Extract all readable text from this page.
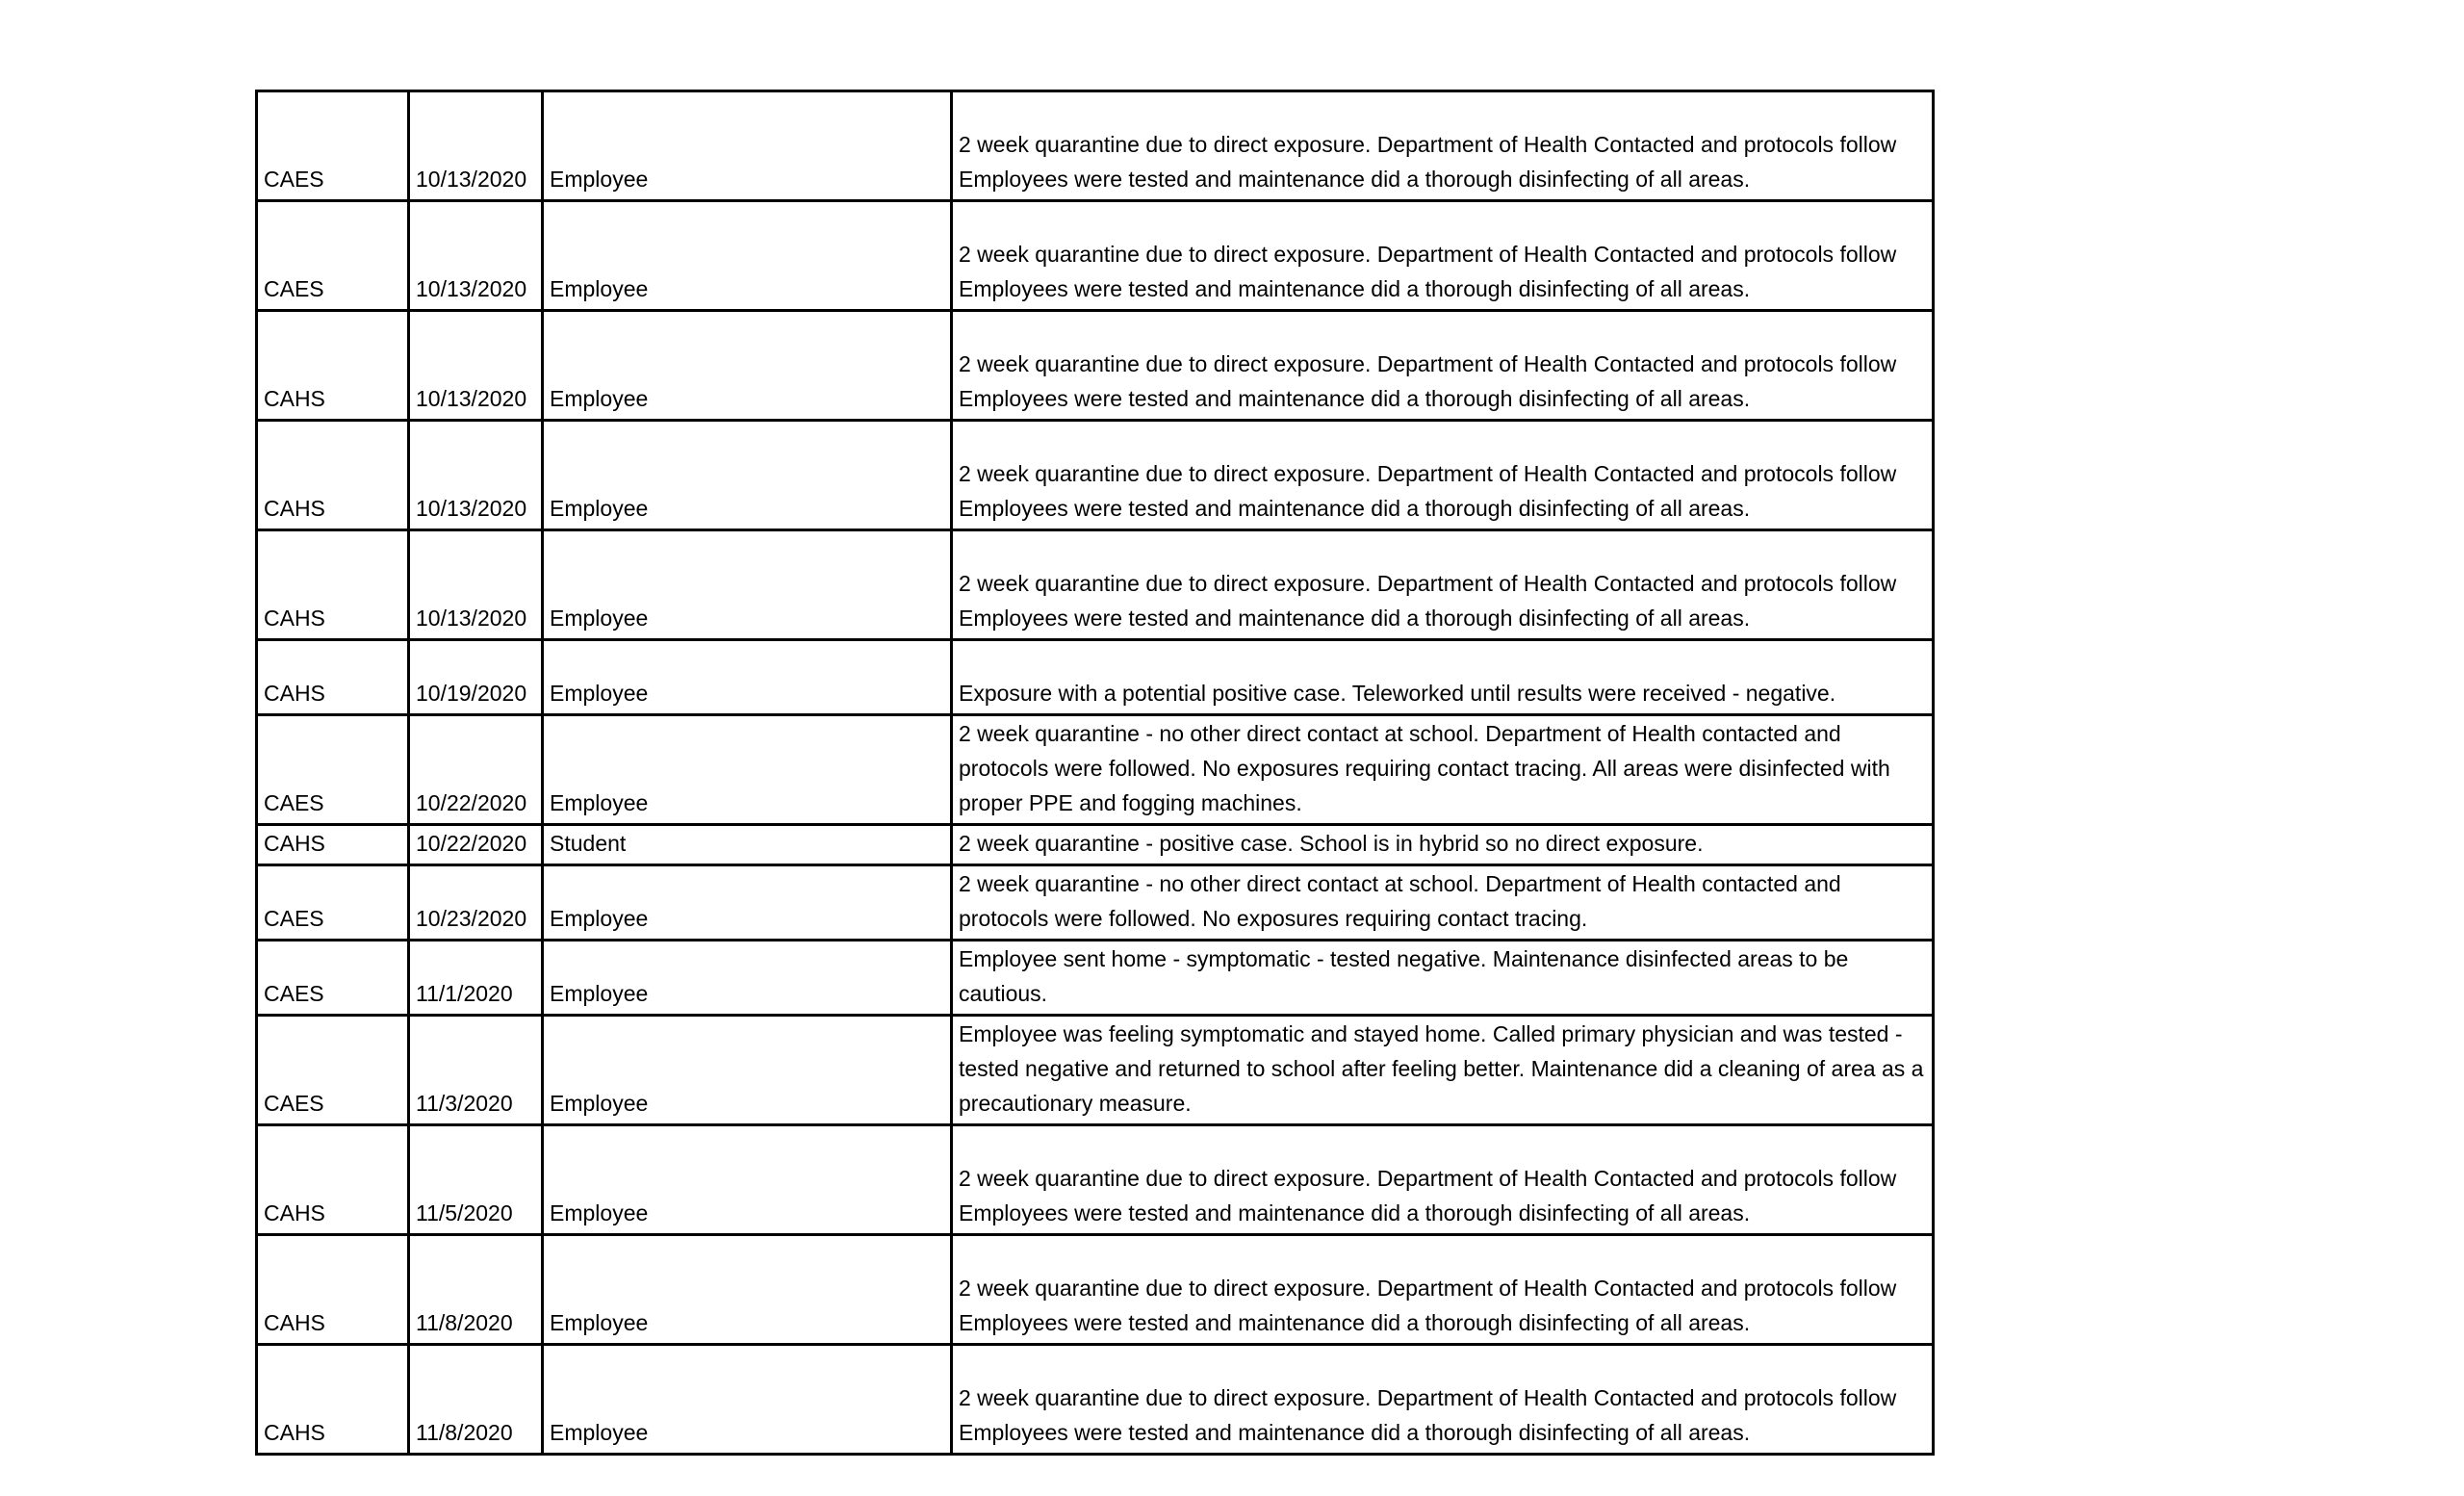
CAES	10/13/2020	Employee	2 week quarantine due to direct exposure. Department of Health Contacted and protocols follow
Employees were tested and maintenance did a thorough disinfecting of all areas.

CAES	10/13/2020	Employee	2 week quarantine due to direct exposure. Department of Health Contacted and protocols follow
Employees were tested and maintenance did a thorough disinfecting of all areas.

CAHS	10/13/2020	Employee	2 week quarantine due to direct exposure. Department of Health Contacted and protocols follow
Employees were tested and maintenance did a thorough disinfecting of all areas.

CAHS	10/13/2020	Employee	2 week quarantine due to direct exposure. Department of Health Contacted and protocols follow
Employees were tested and maintenance did a thorough disinfecting of all areas.

CAHS	10/13/2020	Employee	2 week quarantine due to direct exposure. Department of Health Contacted and protocols follow
Employees were tested and maintenance did a thorough disinfecting of all areas.

CAHS	10/19/2020	Employee	Exposure with a potential positive case. Teleworked until results were received - negative.

CAES	10/22/2020	Employee	2 week quarantine - no other direct contact at school. Department of Health contacted and
protocols were followed. No exposures requiring contact tracing. All areas were disinfected with
proper PPE and fogging machines.

CAHS	10/22/2020	Student	2 week quarantine - positive case. School is in hybrid so no direct exposure.

CAES	10/23/2020	Employee	2 week quarantine - no other direct contact at school. Department of Health contacted and
protocols were followed. No exposures requiring contact tracing.

CAES	11/1/2020	Employee	Employee sent home - symptomatic - tested negative. Maintenance disinfected areas to be
cautious.

CAES	11/3/2020	Employee	Employee was feeling symptomatic and stayed home. Called primary physician and was tested -
tested negative and returned to school after feeling better. Maintenance did a cleaning of area as a
precautionary measure.

CAHS	11/5/2020	Employee	2 week quarantine due to direct exposure. Department of Health Contacted and protocols follow
Employees were tested and maintenance did a thorough disinfecting of all areas.

CAHS	11/8/2020	Employee	2 week quarantine due to direct exposure. Department of Health Contacted and protocols follow
Employees were tested and maintenance did a thorough disinfecting of all areas.

CAHS	11/8/2020	Employee	2 week quarantine due to direct exposure. Department of Health Contacted and protocols follow
Employees were tested and maintenance did a thorough disinfecting of all areas.
